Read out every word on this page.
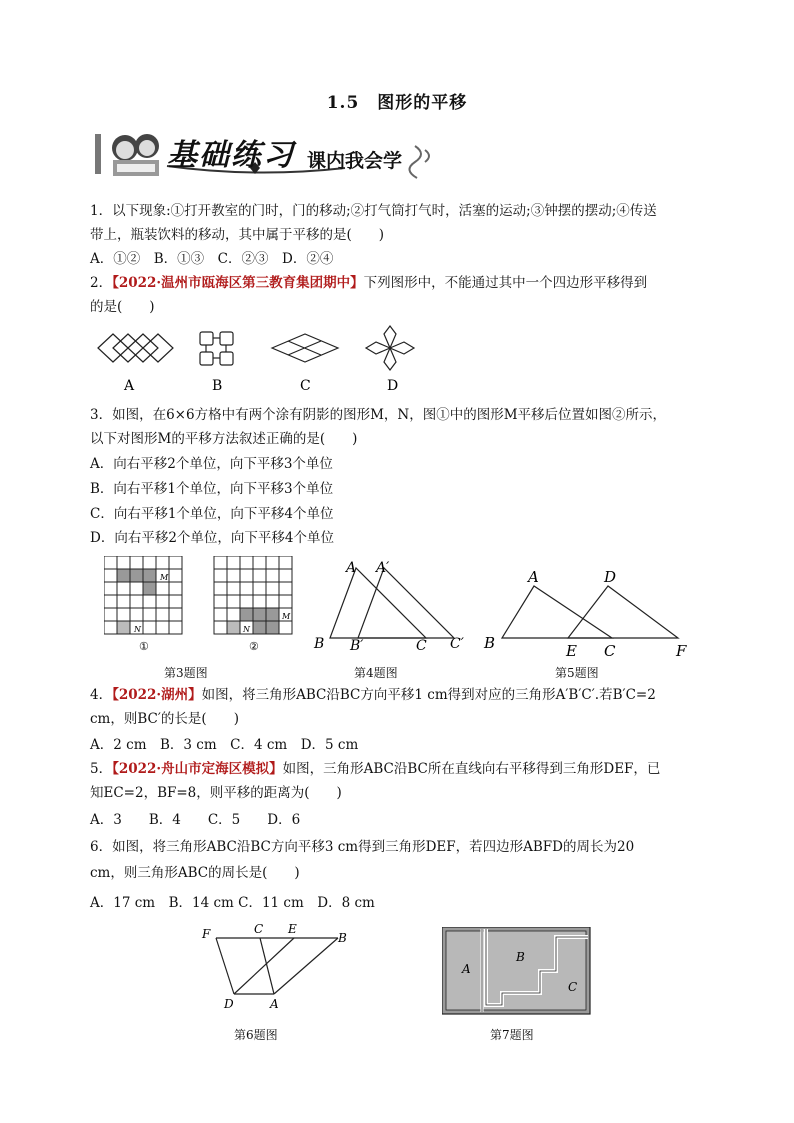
1.5　图形的平移
基础练习 课内我会学
1．以下现象:①打开教室的门时，门的移动;②打气筒打气时，活塞的运动;③钟摆的摆动;④传送
带上，瓶装饮料的移动，其中属于平移的是(　　)
A．①②　B．①③　C．②③　D．②④
2．【2022·温州市瓯海区第三教育集团期中】下列图形中，不能通过其中一个四边形平移得到
的是(　　)
A	B	C	D
3．如图，在6×6方格中有两个涂有阴影的图形M，N，图①中的图形M平移后位置如图②所示，
以下对图形M的平移方法叙述正确的是(　　)
A．向右平移2个单位，向下平移3个单位
B．向右平移1个单位，向下平移3个单位
C．向右平移1个单位，向下平移4个单位
D．向右平移2个单位，向下平移4个单位
M
N
M
N
①	②
A A′
B B′	C C′
A	D
B	E C	F
第3题图	第4题图	第5题图
4．【2022·湖州】如图，将三角形ABC沿BC方向平移1 cm得到对应的三角形A′B′C′.若B′C=2
cm，则BC′的长是(　　)
A．2 cm　B．3 cm　C．4 cm　D．5 cm
5．【2022·舟山市定海区模拟】如图，三角形ABC沿BC所在直线向右平移得到三角形DEF，已
知EC=2，BF=8，则平移的距离为(　　)
A．3　　B．4　　C．5　　D．6
6．如图，将三角形ABC沿BC方向平移3 cm得到三角形DEF，若四边形ABFD的周长为20
cm，则三角形ABC的周长是(　　)
A．17 cm　B．14 cm C．11 cm　D．8 cm
F	C E
B
D	A
A
B
C
第6题图	第7题图
